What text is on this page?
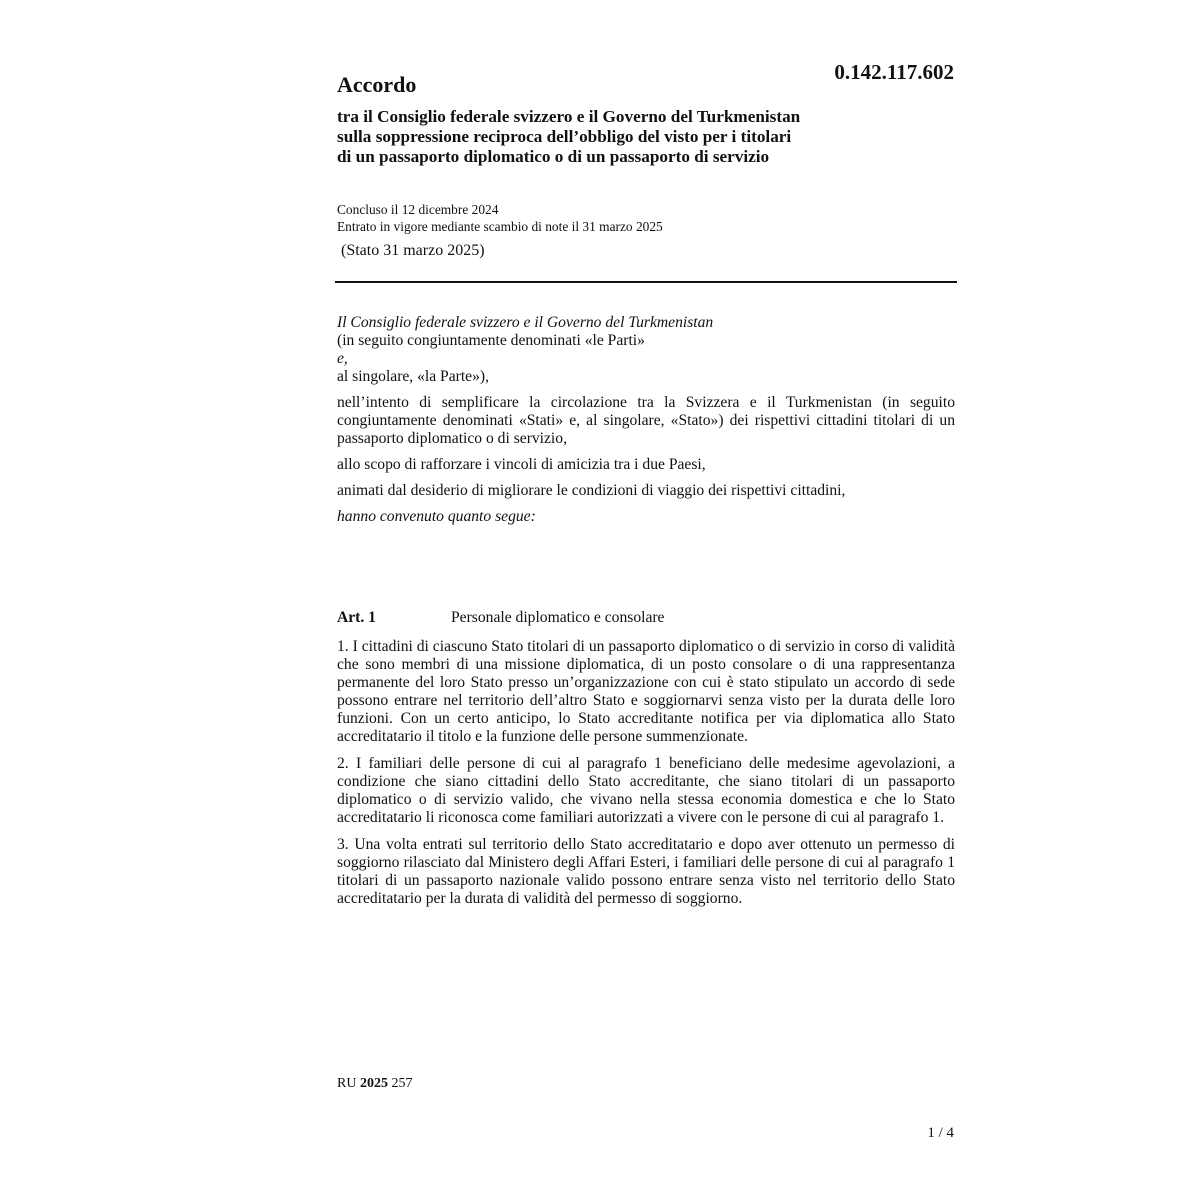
0.142.117.602
Accordo
tra il Consiglio federale svizzero e il Governo del Turkmenistan
sulla soppressione reciproca dell’obbligo del visto per i titolari
di un passaporto diplomatico o di un passaporto di servizio
Concluso il 12 dicembre 2024
Entrato in vigore mediante scambio di note il 31 marzo 2025
(Stato 31 marzo 2025)

Il Consiglio federale svizzero e il Governo del Turkmenistan

(in seguito congiuntamente denominati «le Parti»

e,

al singolare, «la Parte»),

nell’intento di semplificare la circolazione tra la Svizzera e il Turkmenistan (in seguito congiuntamente denominati «Stati» e, al singolare, «Stato») dei rispettivi cittadini titolari di un passaporto diplomatico o di servizio,

allo scopo di rafforzare i vincoli di amicizia tra i due Paesi,

animati dal desiderio di migliorare le condizioni di viaggio dei rispettivi cittadini,

hanno convenuto quanto segue:

Art. 1	Personale diplomatico e consolare

1. I cittadini di ciascuno Stato titolari di un passaporto diplomatico o di servizio in corso di validità che sono membri di una missione diplomatica, di un posto consolare o di una rappresentanza permanente del loro Stato presso un’organizzazione con cui è stato stipulato un accordo di sede possono entrare nel territorio dell’altro Stato e soggiornarvi senza visto per la durata delle loro funzioni. Con un certo anticipo, lo Stato accreditante notifica per via diplomatica allo Stato accreditatario il titolo e la funzione delle persone summenzionate.

2. I familiari delle persone di cui al paragrafo 1 beneficiano delle medesime agevolazioni, a condizione che siano cittadini dello Stato accreditante, che siano titolari di un passaporto diplomatico o di servizio valido, che vivano nella stessa economia domestica e che lo Stato accreditatario li riconosca come familiari autorizzati a vivere con le persone di cui al paragrafo 1.

3. Una volta entrati sul territorio dello Stato accreditatario e dopo aver ottenuto un permesso di soggiorno rilasciato dal Ministero degli Affari Esteri, i familiari delle persone di cui al paragrafo 1 titolari di un passaporto nazionale valido possono entrare senza visto nel territorio dello Stato accreditatario per la durata di validità del permesso di soggiorno.

RU 2025 257
1 / 4
